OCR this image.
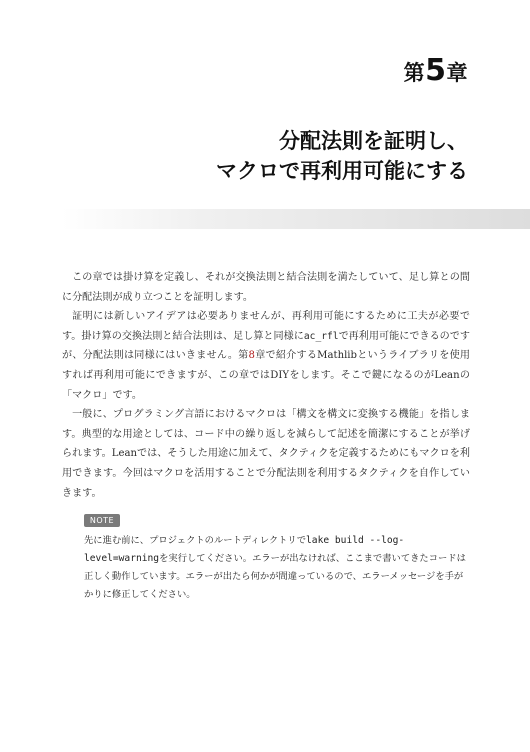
第5章
分配法則を証明し、
マクロで再利用可能にする

この章では掛け算を定義し、それが交換法則と結合法則を満たしていて、足し算との間に分配法則が成り立つことを証明します。

証明には新しいアイデアは必要ありませんが、再利用可能にするために工夫が必要です。掛け算の交換法則と結合法則は、足し算と同様にac_rflで再利用可能にできるのですが、分配法則は同様にはいきません。第8章で紹介するMathlibというライブラリを使用すれば再利用可能にできますが、この章ではDIYをします。そこで鍵になるのがLeanの「マクロ」です。

一般に、プログラミング言語におけるマクロは「構文を構文に変換する機能」を指します。典型的な用途としては、コード中の繰り返しを減らして記述を簡潔にすることが挙げられます。Leanでは、そうした用途に加えて、タクティクを定義するためにもマクロを利用できます。今回はマクロを活用することで分配法則を利用するタクティクを自作していきます。

NOTE

先に進む前に、プロジェクトのルートディレクトリでlake build --log-level=warningを実行してください。エラーが出なければ、ここまで書いてきたコードは正しく動作しています。エラーが出たら何かが間違っているので、エラーメッセージを手がかりに修正してください。
